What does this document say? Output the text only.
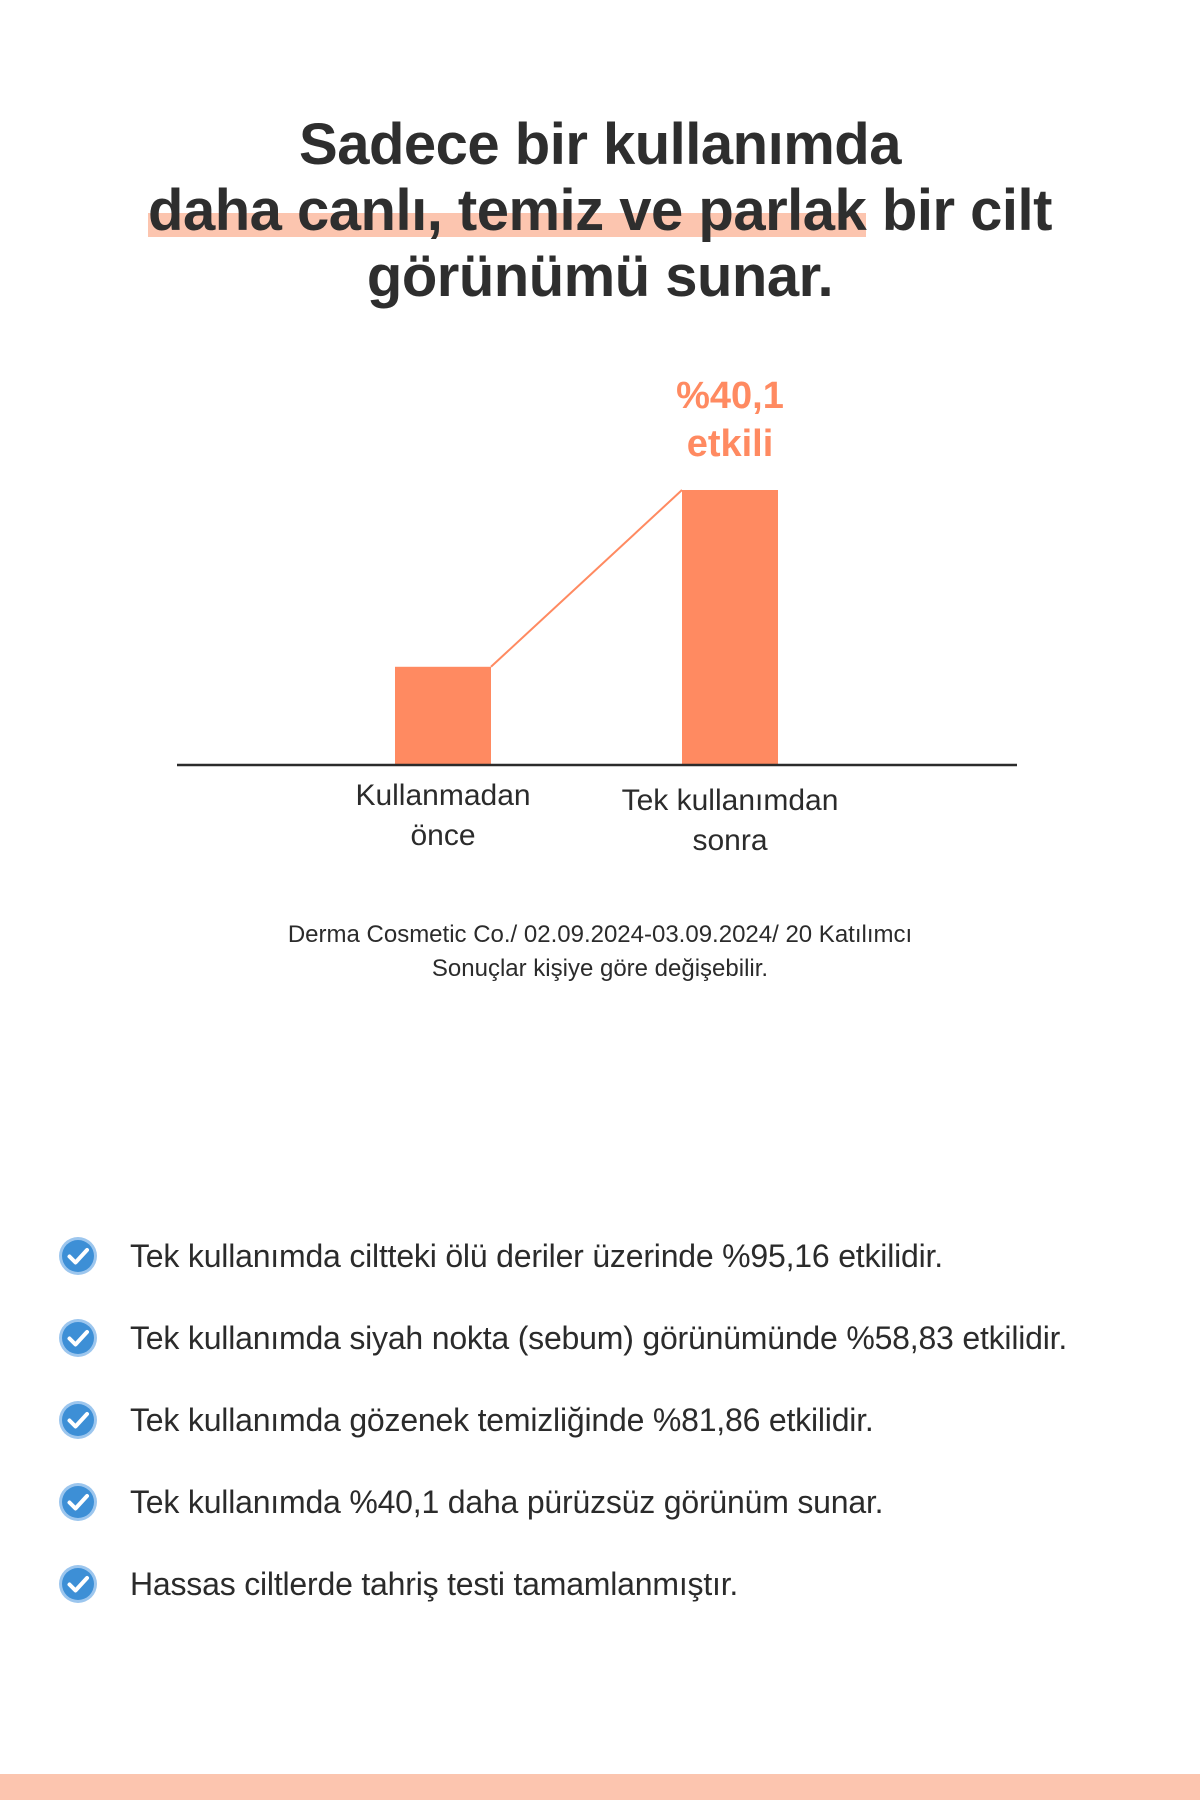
Sadece bir kullanımda
daha canlı, temiz ve parlak bir cilt
görünümü sunar.
Kullanmadan
önce
Tek kullanımdan
sonra
%40,1
etkili
Derma Cosmetic Co./ 02.09.2024-03.09.2024/ 20 Katılımcı
Sonuçlar kişiye göre değişebilir.
Tek kullanımda ciltteki ölü deriler üzerinde %95,16 etkilidir.
Tek kullanımda siyah nokta (sebum) görünümünde %58,83 etkilidir.
Tek kullanımda gözenek temizliğinde %81,86 etkilidir.
Tek kullanımda %40,1 daha pürüzsüz görünüm sunar.
Hassas ciltlerde tahriş testi tamamlanmıştır.
